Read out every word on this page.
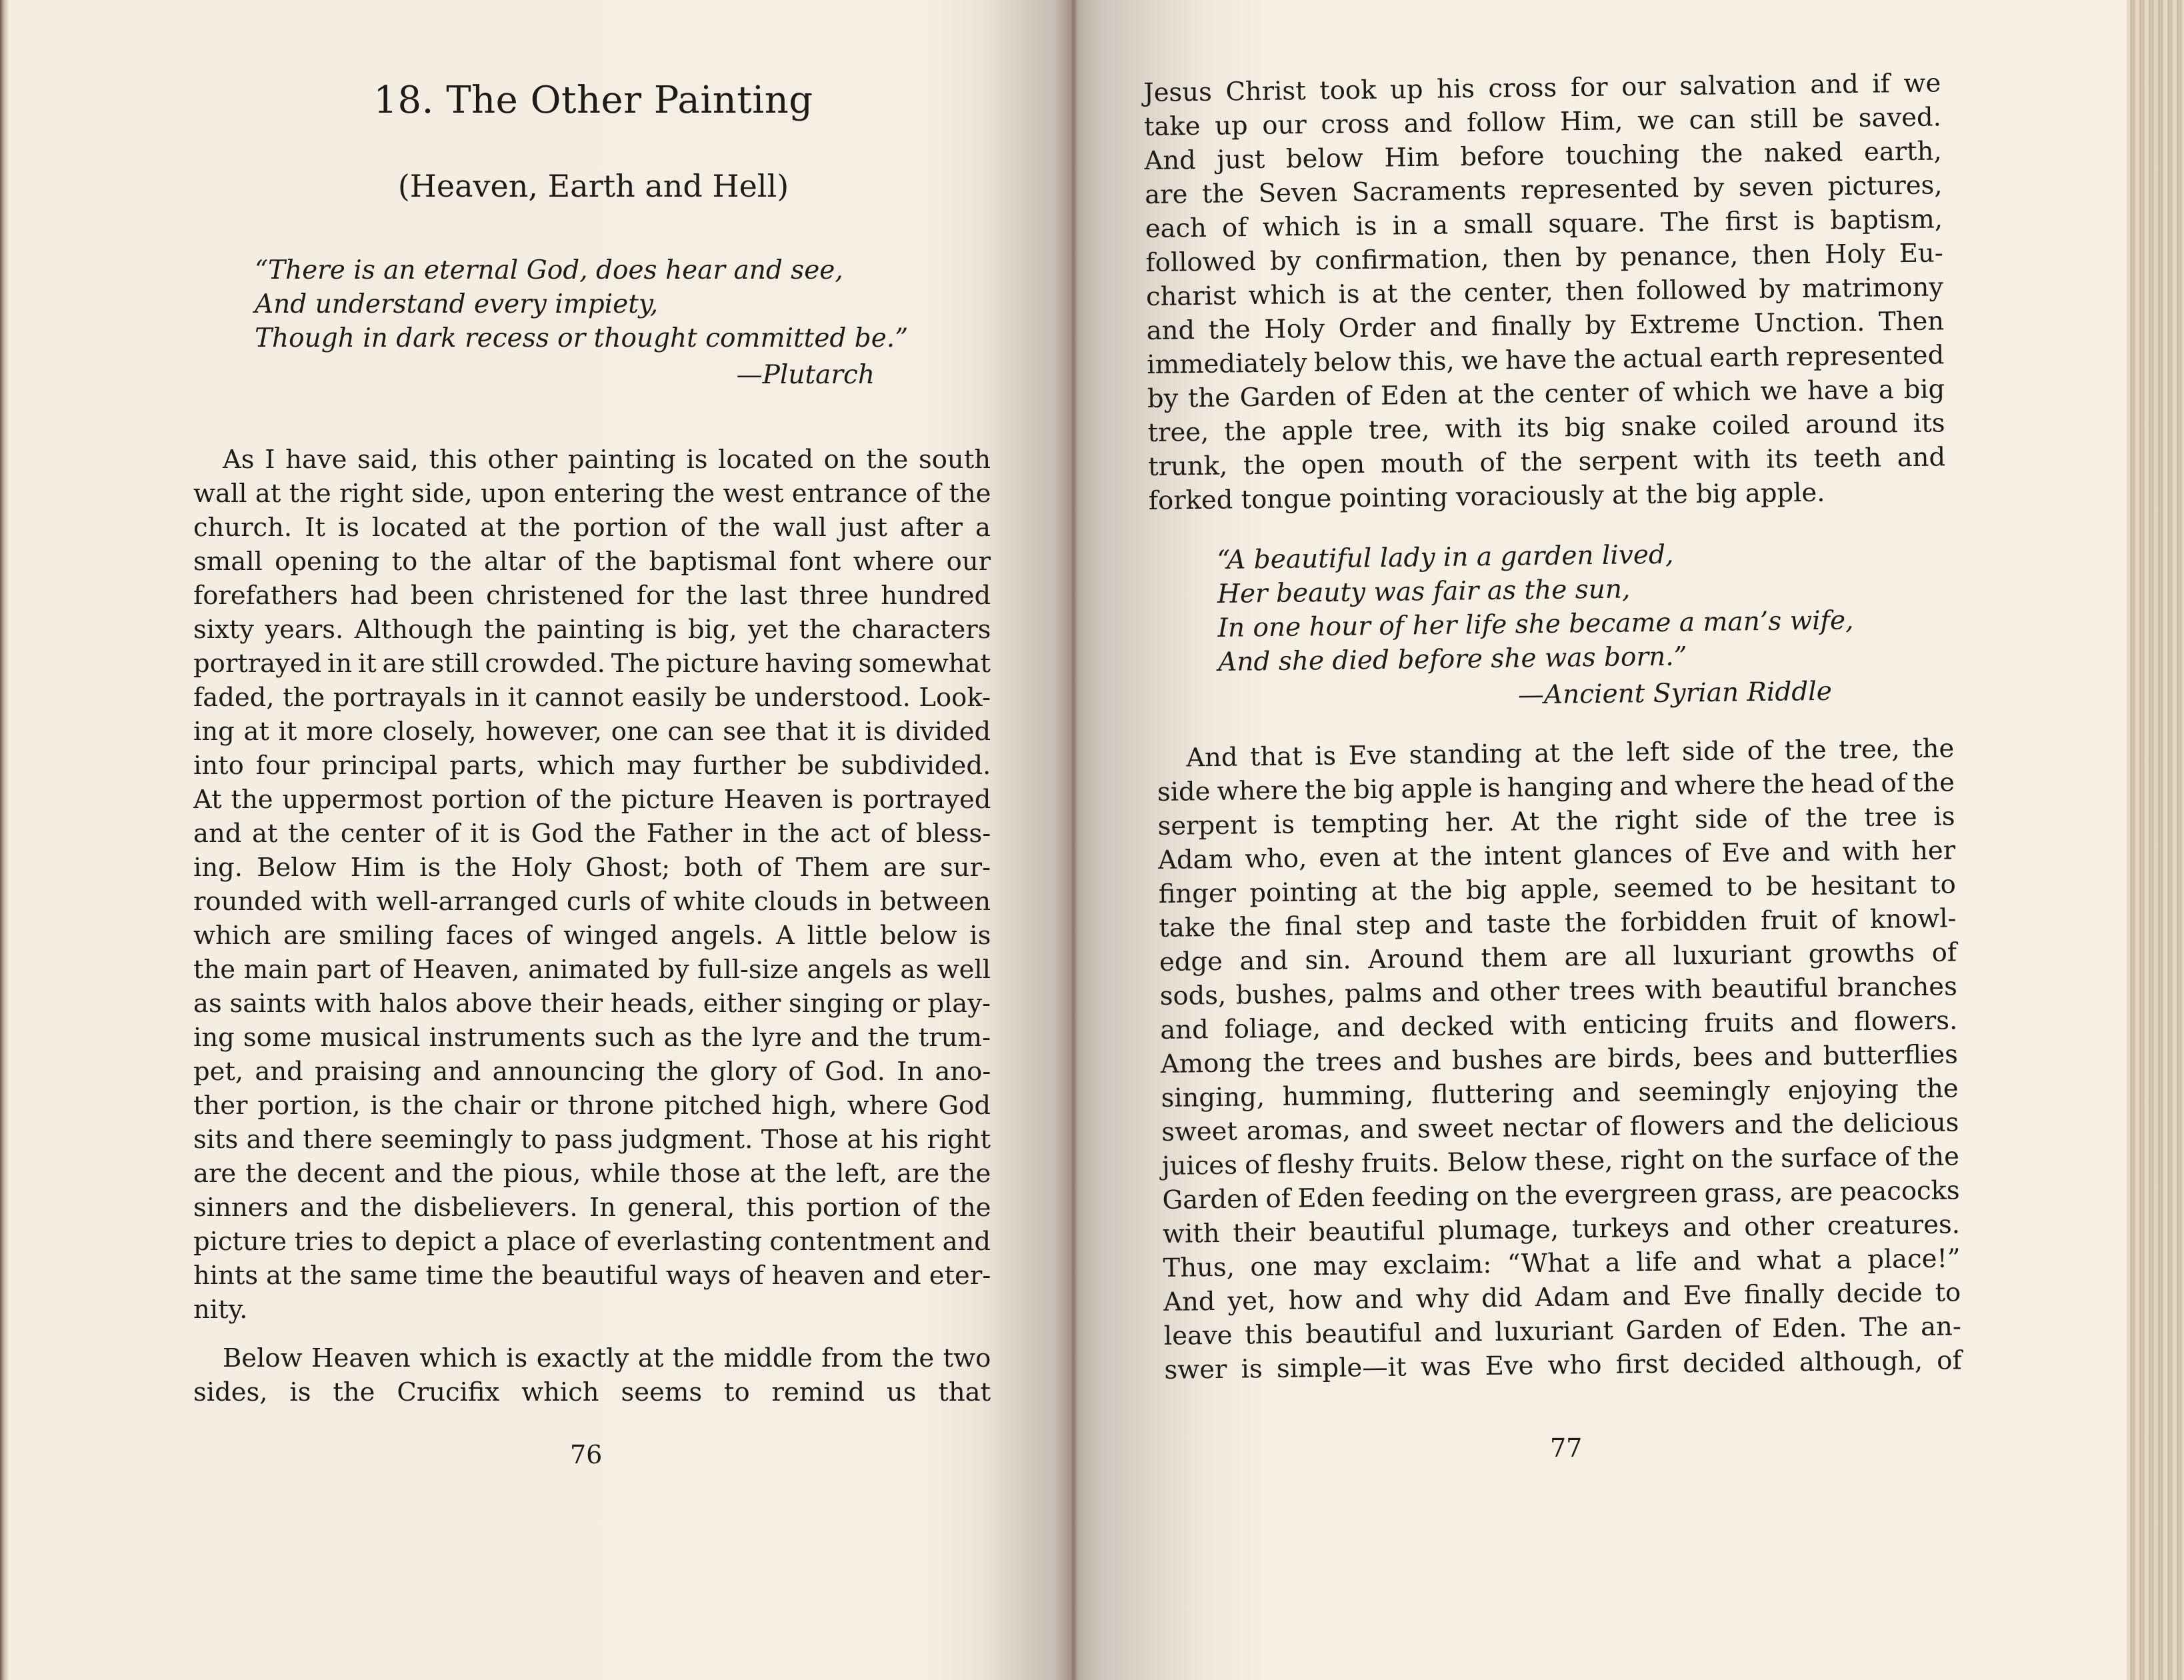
18. The Other Painting
(Heaven, Earth and Hell)
“There is an eternal God, does hear and see,
And understand every impiety,
Though in dark recess or thought committed be.”
—Plutarch
As I have said, this other painting is located on the south
wall at the right side, upon entering the west entrance of the
church. It is located at the portion of the wall just after a
small opening to the altar of the baptismal font where our
forefathers had been christened for the last three hundred
sixty years. Although the painting is big, yet the characters
portrayed in it are still crowded. The picture having somewhat
faded, the portrayals in it cannot easily be understood. Look-
ing at it more closely, however, one can see that it is divided
into four principal parts, which may further be subdivided.
At the uppermost portion of the picture Heaven is portrayed
and at the center of it is God the Father in the act of bless-
ing. Below Him is the Holy Ghost; both of Them are sur-
rounded with well-arranged curls of white clouds in between
which are smiling faces of winged angels. A little below is
the main part of Heaven, animated by full-size angels as well
as saints with halos above their heads, either singing or play-
ing some musical instruments such as the lyre and the trum-
pet, and praising and announcing the glory of God. In ano-
ther portion, is the chair or throne pitched high, where God
sits and there seemingly to pass judgment. Those at his right
are the decent and the pious, while those at the left, are the
sinners and the disbelievers. In general, this portion of the
picture tries to depict a place of everlasting contentment and
hints at the same time the beautiful ways of heaven and eter-
nity.
Below Heaven which is exactly at the middle from the two
sides, is the Crucifix which seems to remind us that
76
Jesus Christ took up his cross for our salvation and if we
take up our cross and follow Him, we can still be saved.
And just below Him before touching the naked earth,
are the Seven Sacraments represented by seven pictures,
each of which is in a small square. The first is baptism,
followed by confirmation, then by penance, then Holy Eu-
charist which is at the center, then followed by matrimony
and the Holy Order and finally by Extreme Unction. Then
immediately below this, we have the actual earth represented
by the Garden of Eden at the center of which we have a big
tree, the apple tree, with its big snake coiled around its
trunk, the open mouth of the serpent with its teeth and
forked tongue pointing voraciously at the big apple.
“A beautiful lady in a garden lived,
Her beauty was fair as the sun,
In one hour of her life she became a man’s wife,
And she died before she was born.”
—Ancient Syrian Riddle
And that is Eve standing at the left side of the tree, the
side where the big apple is hanging and where the head of the
serpent is tempting her. At the right side of the tree is
Adam who, even at the intent glances of Eve and with her
finger pointing at the big apple, seemed to be hesitant to
take the final step and taste the forbidden fruit of knowl-
edge and sin. Around them are all luxuriant growths of
sods, bushes, palms and other trees with beautiful branches
and foliage, and decked with enticing fruits and flowers.
Among the trees and bushes are birds, bees and butterflies
singing, humming, fluttering and seemingly enjoying the
sweet aromas, and sweet nectar of flowers and the delicious
juices of fleshy fruits. Below these, right on the surface of the
Garden of Eden feeding on the evergreen grass, are peacocks
with their beautiful plumage, turkeys and other creatures.
Thus, one may exclaim: “What a life and what a place!”
And yet, how and why did Adam and Eve finally decide to
leave this beautiful and luxuriant Garden of Eden. The an-
swer is simple—it was Eve who first decided although, of
77
